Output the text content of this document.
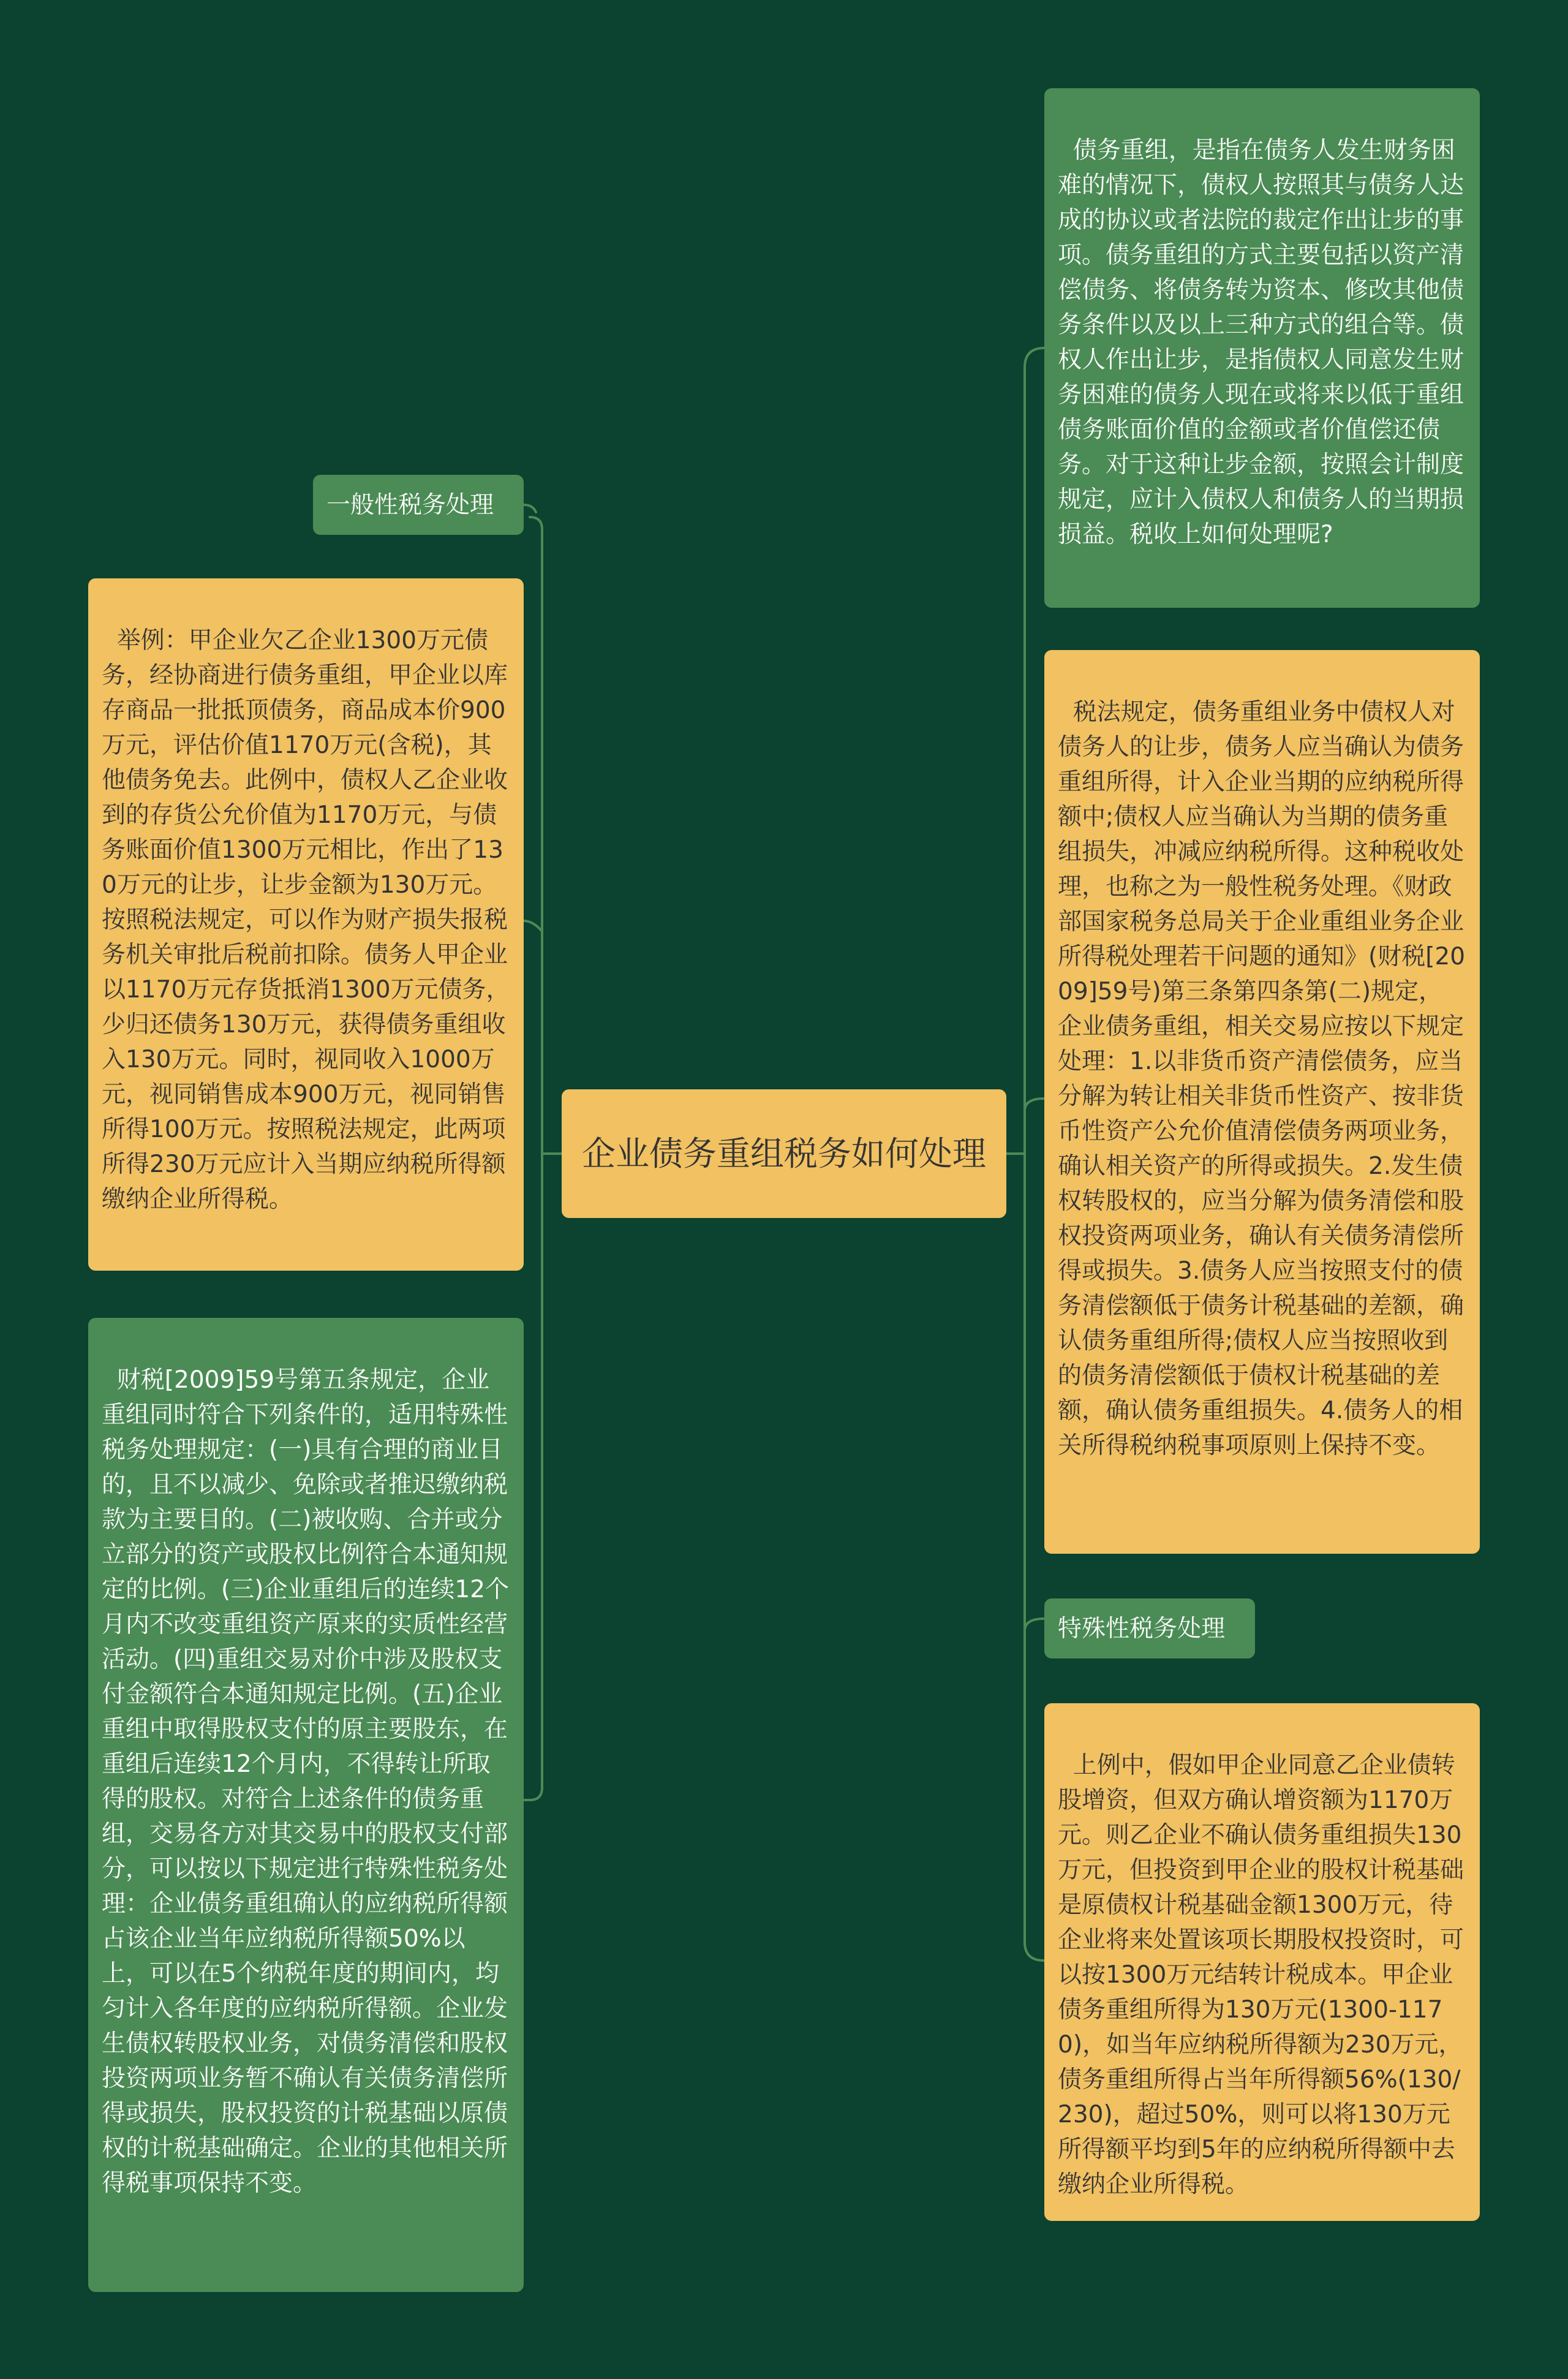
企业债务重组税务如何处理
一般性税务处理

举例：甲企业欠乙企业1300万元债务，经协商进行债务重组，甲企业以库存商品一批抵顶债务，商品成本价900万元，评估价值1170万元(含税)，其他债务免去。此例中，债权人乙企业收到的存货公允价值为1170万元，与债务账面价值1300万元相比，作出了130万元的让步，让步金额为130万元。按照税法规定，可以作为财产损失报税务机关审批后税前扣除。债务人甲企业以1170万元存货抵消1300万元债务，少归还债务130万元，获得债务重组收入130万元。同时，视同收入1000万元，视同销售成本900万元，视同销售所得100万元。按照税法规定，此两项所得230万元应计入当期应纳税所得额缴纳企业所得税。

财税[2009]59号第五条规定，企业重组同时符合下列条件的，适用特殊性税务处理规定：(一)具有合理的商业目的，且不以减少、免除或者推迟缴纳税款为主要目的。(二)被收购、合并或分立部分的资产或股权比例符合本通知规定的比例。(三)企业重组后的连续12个月内不改变重组资产原来的实质性经营活动。(四)重组交易对价中涉及股权支付金额符合本通知规定比例。(五)企业重组中取得股权支付的原主要股东，在重组后连续12个月内，不得转让所取得的股权。对符合上述条件的债务重组，交易各方对其交易中的股权支付部分，可以按以下规定进行特殊性税务处理：企业债务重组确认的应纳税所得额占该企业当年应纳税所得额50%以上，可以在5个纳税年度的期间内，均匀计入各年度的应纳税所得额。企业发生债权转股权业务，对债务清偿和股权投资两项业务暂不确认有关债务清偿所得或损失，股权投资的计税基础以原债权的计税基础确定。企业的其他相关所得税事项保持不变。

债务重组，是指在债务人发生财务困难的情况下，债权人按照其与债务人达成的协议或者法院的裁定作出让步的事项。债务重组的方式主要包括以资产清偿债务、将债务转为资本、修改其他债务条件以及以上三种方式的组合等。债权人作出让步，是指债权人同意发生财务困难的债务人现在或将来以低于重组债务账面价值的金额或者价值偿还债务。对于这种让步金额，按照会计制度规定，应计入债权人和债务人的当期损损益。税收上如何处理呢?

税法规定，债务重组业务中债权人对债务人的让步，债务人应当确认为债务重组所得，计入企业当期的应纳税所得额中;债权人应当确认为当期的债务重组损失，冲减应纳税所得。这种税收处理，也称之为一般性税务处理。《财政部国家税务总局关于企业重组业务企业所得税处理若干问题的通知》(财税[2009]59号)第三条第四条第(二)规定，企业债务重组，相关交易应按以下规定处理：1.以非货币资产清偿债务，应当分解为转让相关非货币性资产、按非货币性资产公允价值清偿债务两项业务，确认相关资产的所得或损失。2.发生债权转股权的，应当分解为债务清偿和股权投资两项业务，确认有关债务清偿所得或损失。3.债务人应当按照支付的债务清偿额低于债务计税基础的差额，确认债务重组所得;债权人应当按照收到的债务清偿额低于债权计税基础的差额，确认债务重组损失。4.债务人的相关所得税纳税事项原则上保持不变。

特殊性税务处理

上例中，假如甲企业同意乙企业债转股增资，但双方确认增资额为1170万元。则乙企业不确认债务重组损失130万元，但投资到甲企业的股权计税基础是原债权计税基础金额1300万元，待企业将来处置该项长期股权投资时，可以按1300万元结转计税成本。甲企业债务重组所得为130万元(1300-1170)，如当年应纳税所得额为230万元，债务重组所得占当年所得额56%(130/230)，超过50%，则可以将130万元所得额平均到5年的应纳税所得额中去缴纳企业所得税。
